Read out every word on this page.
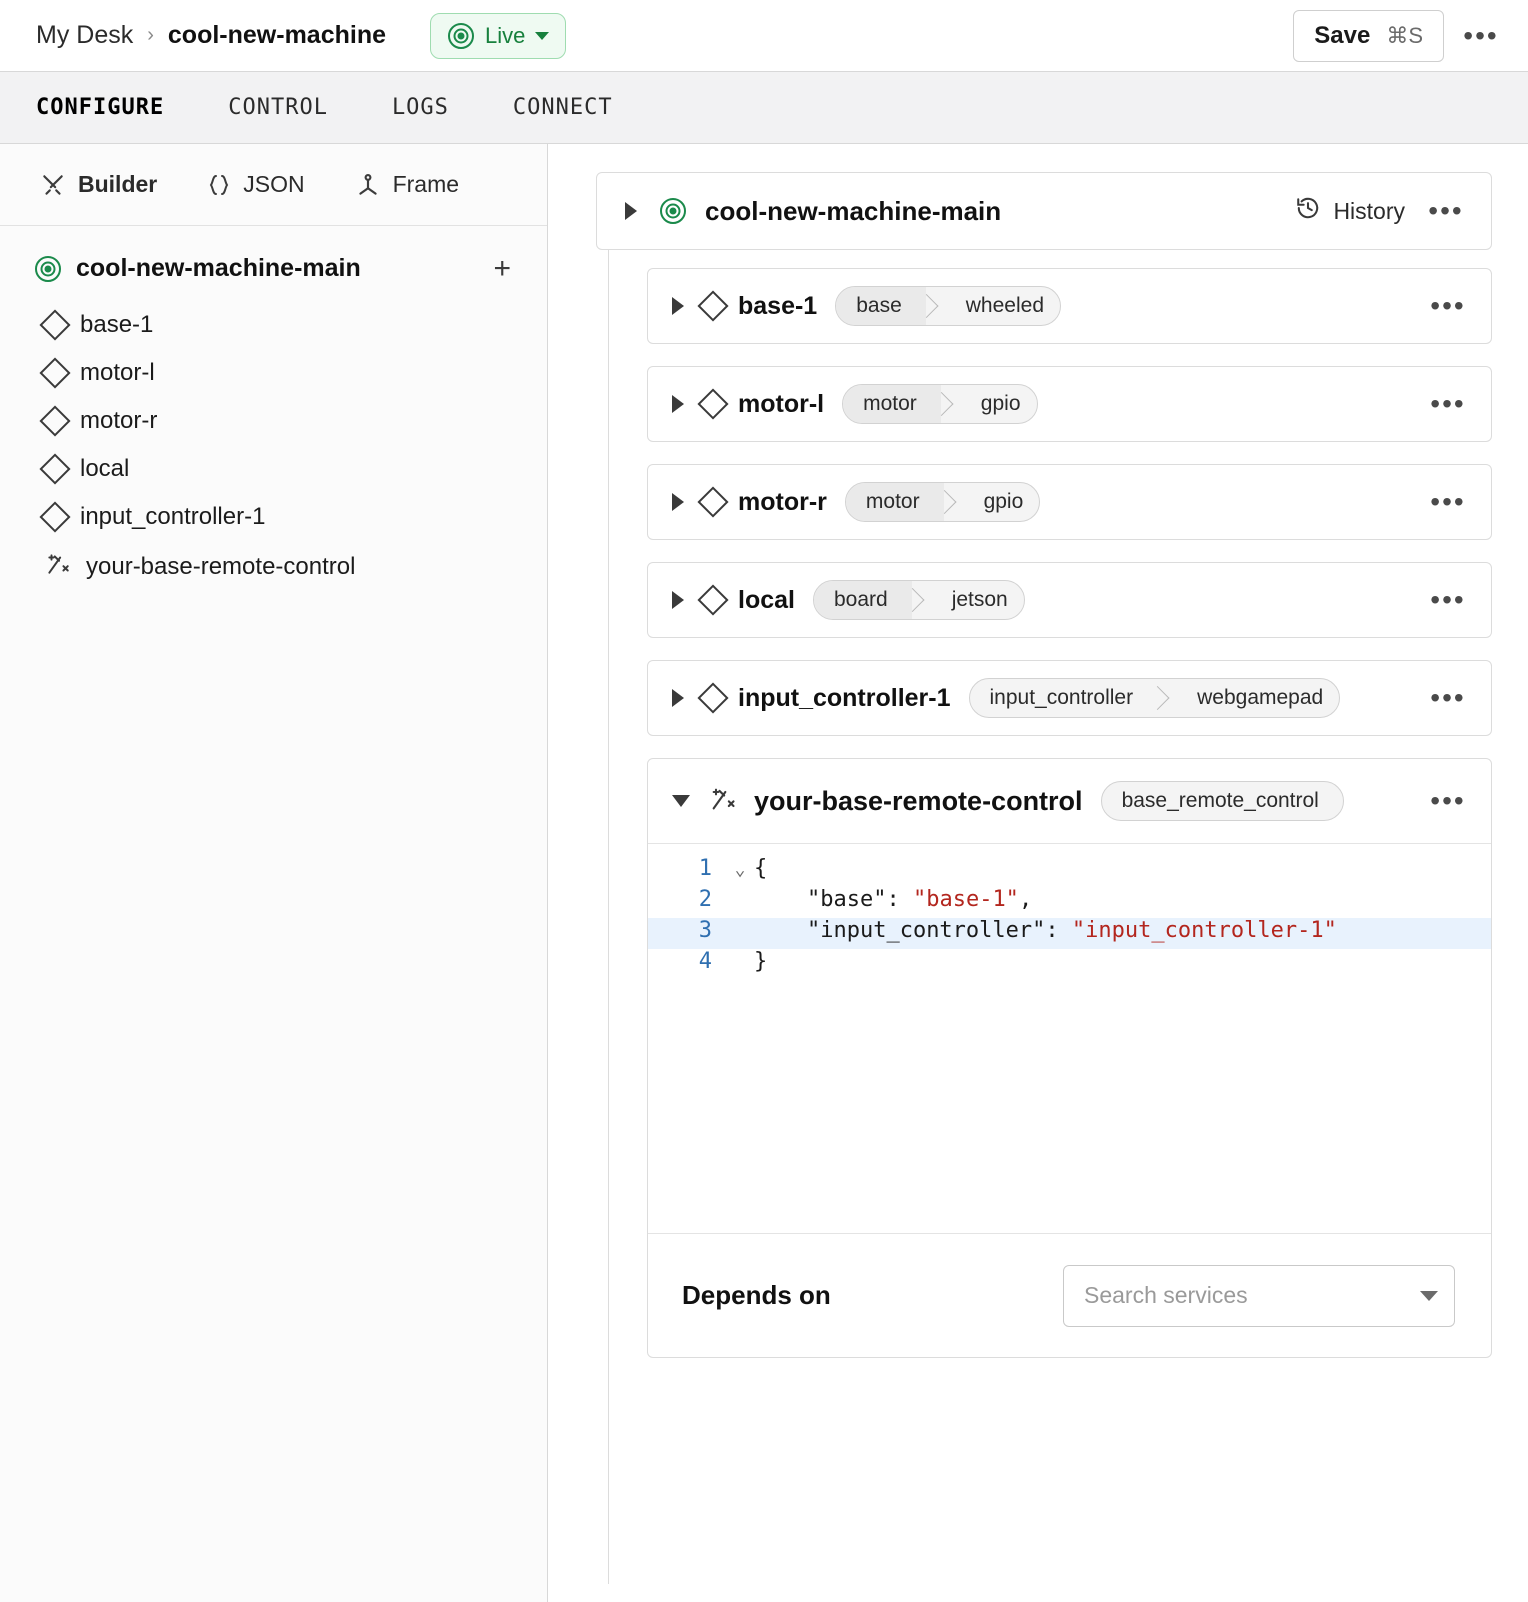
My Desk › cool-new-machine	Live	Save ⌘S •••
CONFIGURE	CONTROL	LOGS	CONNECT
Builder	JSON	Frame
cool-new-machine-main	+
base-1
motor-l
motor-r
local
input_controller-1
your-base-remote-control
cool-new-machine-main	History •••
base-1	base	wheeled	•••
motor-l	motor	gpio	•••
motor-r	motor	gpio	•••
local	board	jetson	•••
input_controller-1	input_controller	webgamepad	•••
your-base-remote-control	base_remote_control	•••
1	⌄ {
2	"base": "base-1",
3	"input_controller": "input_controller-1"
4	}
Depends on
Search services
